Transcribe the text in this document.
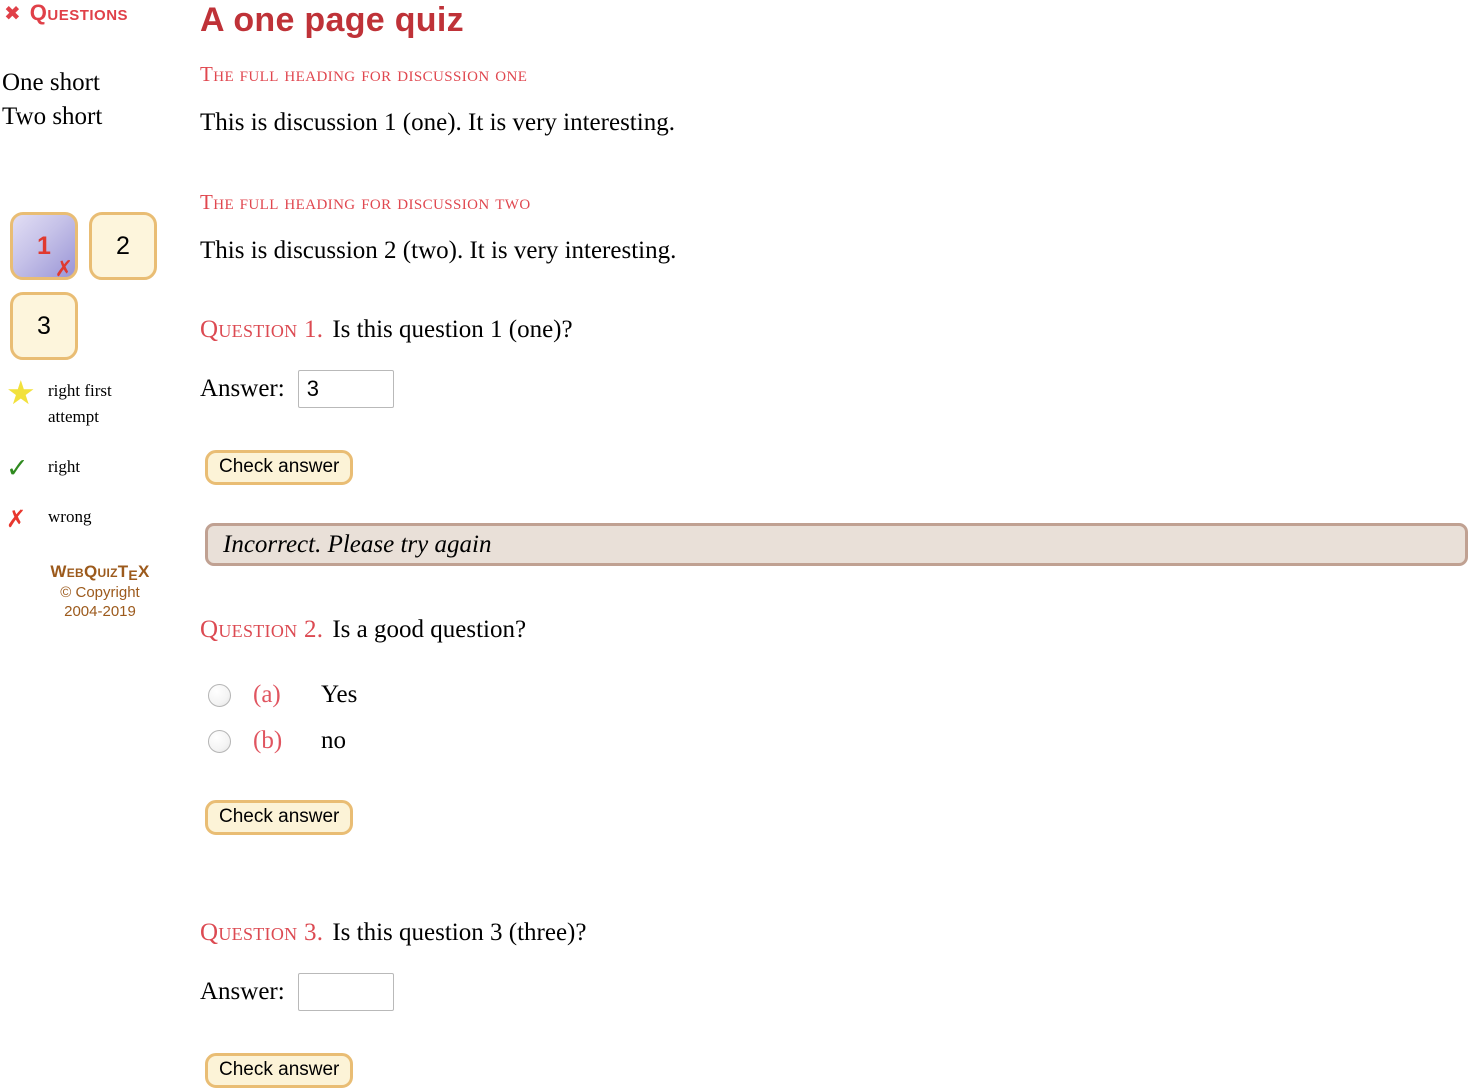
✖ Questions
One short
Two short
1
✗
2
3
★ right first attempt
✓	right
✗	wrong
WebQuizTEX
© Copyright
2004-2019
A one page quiz
The full heading for discussion one

This is discussion 1 (one). It is very interesting.

The full heading for discussion two

This is discussion 2 (two). It is very interesting.

Question 1. Is this question 1 (one)?

Answer:
3
Check answer
Incorrect. Please try again

Question 2. Is a good question?

(a)	Yes
(b)	no
Check answer

Question 3. Is this question 3 (three)?

Answer:
Check answer
